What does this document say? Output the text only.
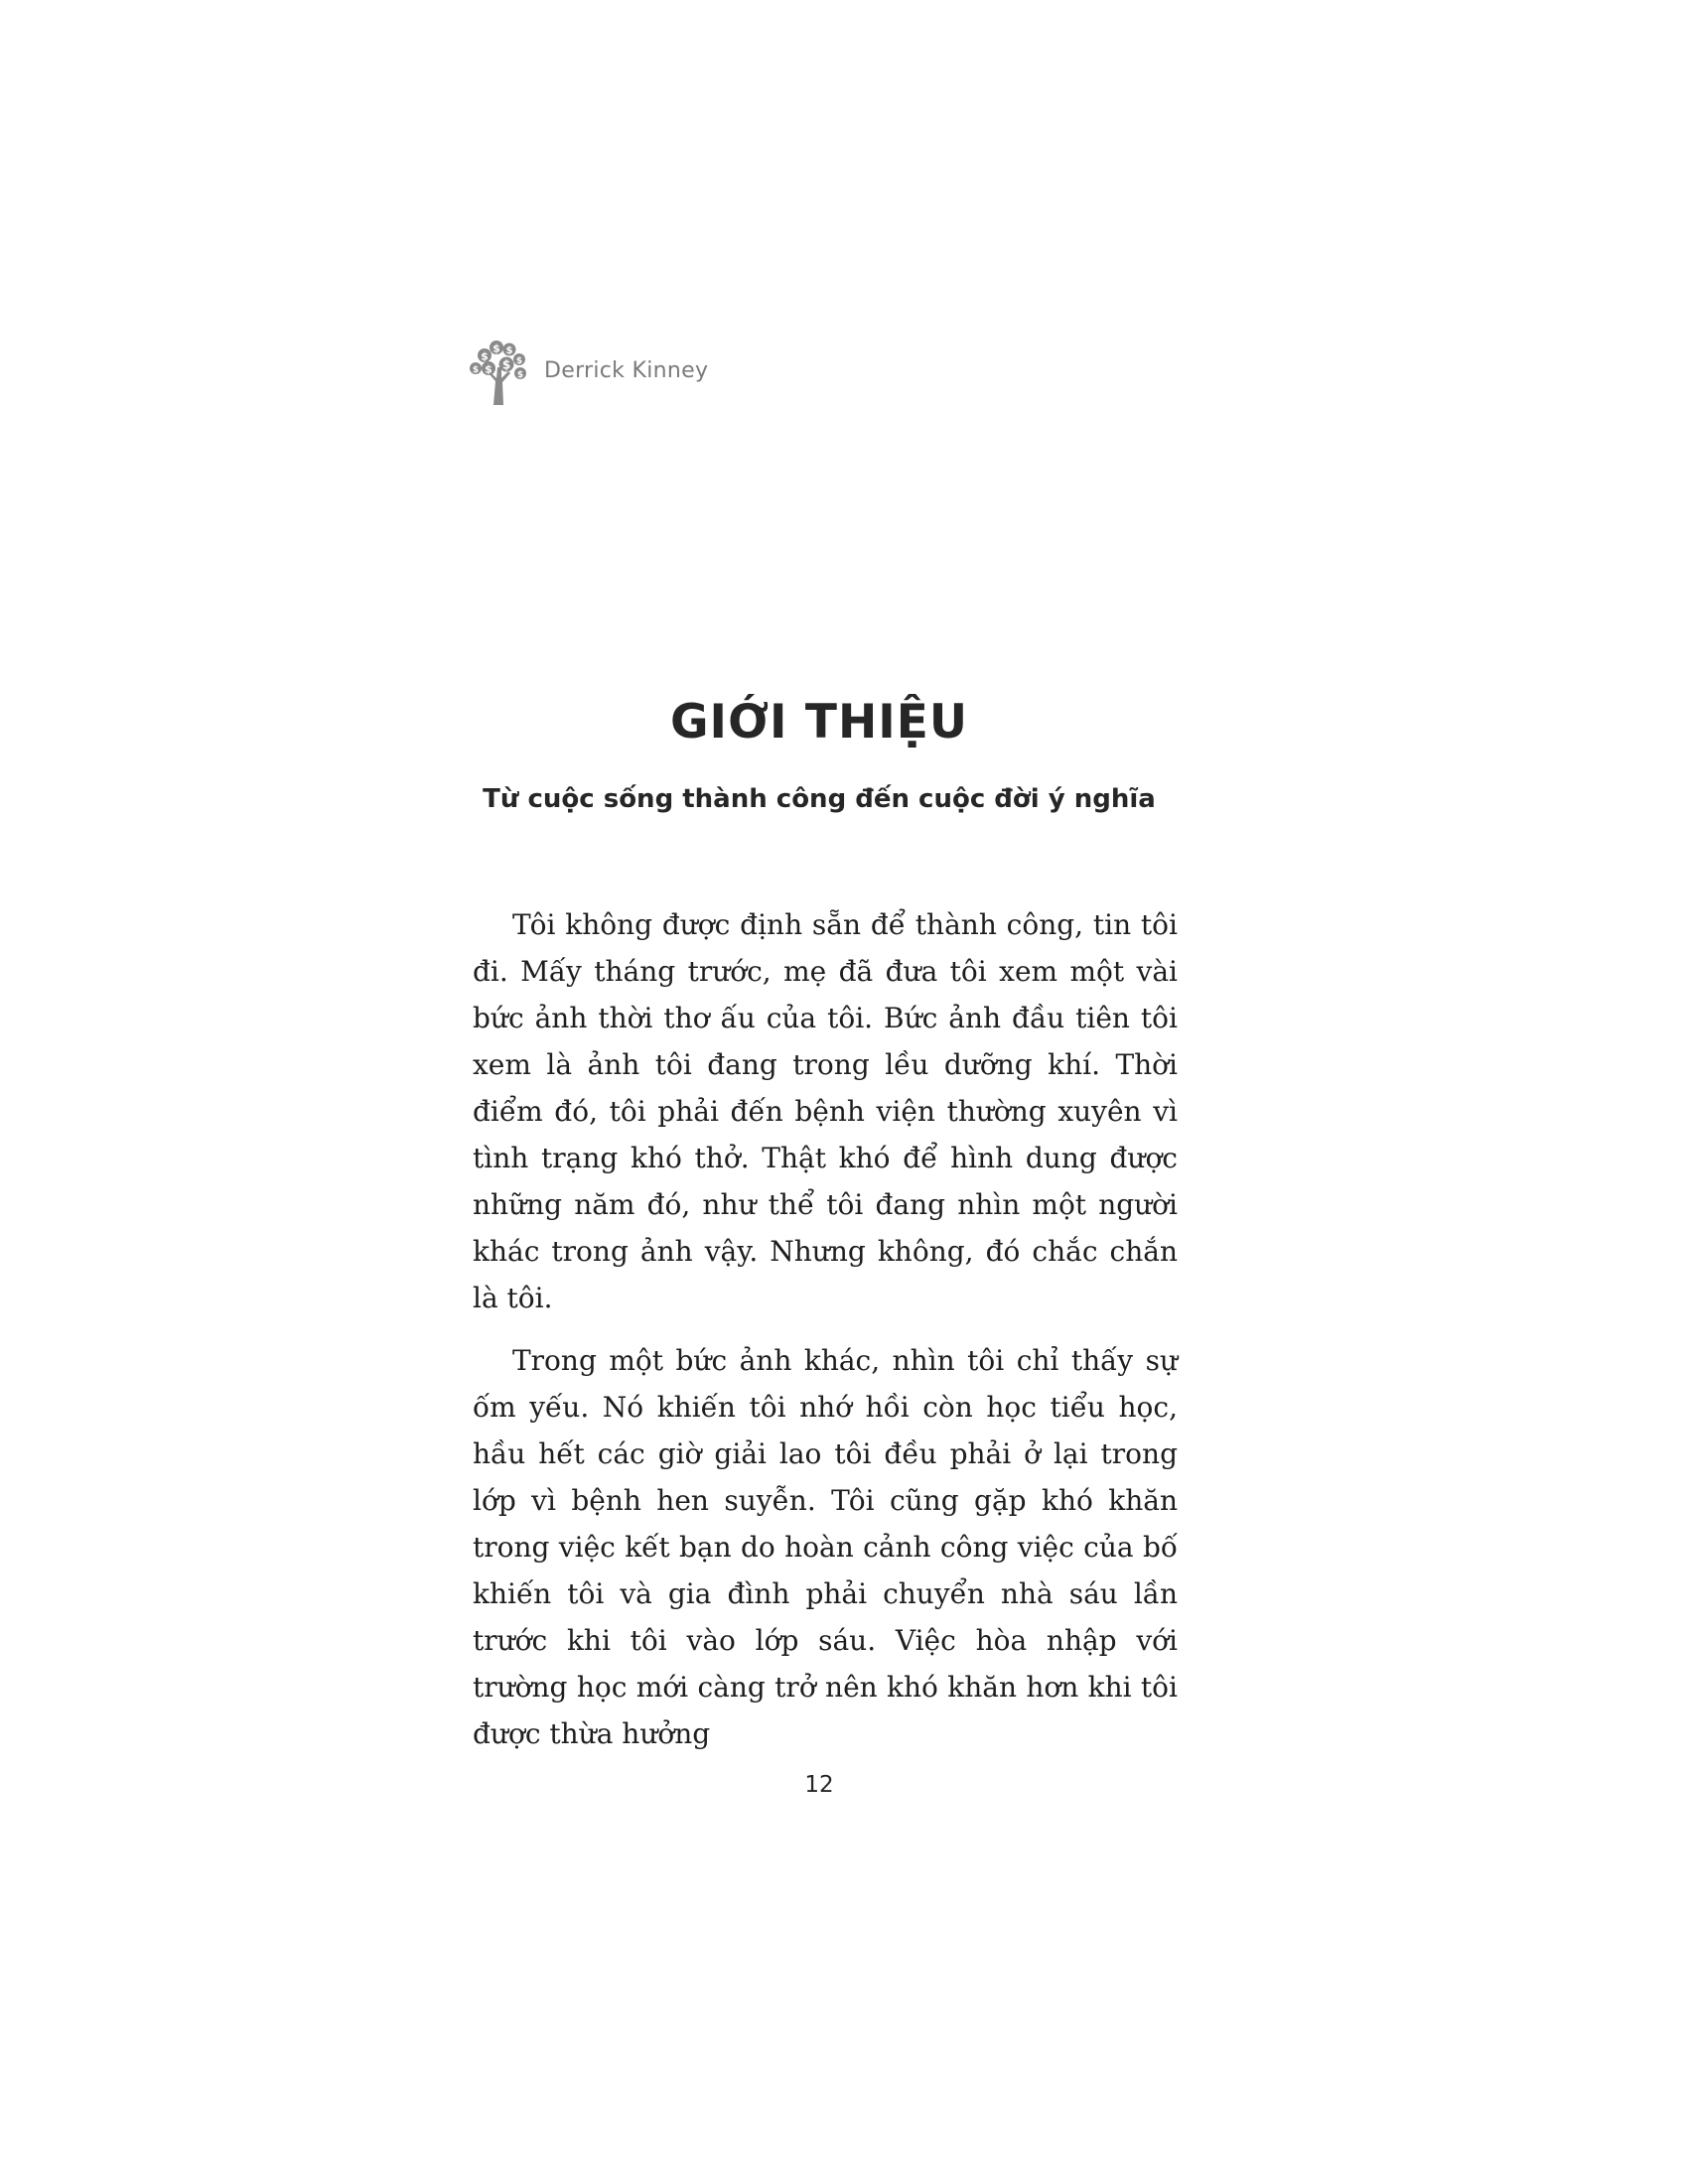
$
$ $
$
$ $ $
$ Derrick Kinney
GIỚI THIỆU
Từ cuộc sống thành công đến cuộc đời ý nghĩa

Tôi không được định sẵn để thành công, tin tôi đi. Mấy tháng trước, mẹ đã đưa tôi xem một vài bức ảnh thời thơ ấu của tôi. Bức ảnh đầu tiên tôi xem là ảnh tôi đang trong lều dưỡng khí. Thời điểm đó, tôi phải đến bệnh viện thường xuyên vì tình trạng khó thở. Thật khó để hình dung được những năm đó, như thể tôi đang nhìn một người khác trong ảnh vậy. Nhưng không, đó chắc chắn là tôi.

Trong một bức ảnh khác, nhìn tôi chỉ thấy sự ốm yếu. Nó khiến tôi nhớ hồi còn học tiểu học, hầu hết các giờ giải lao tôi đều phải ở lại trong lớp vì bệnh hen suyễn. Tôi cũng gặp khó khăn trong việc kết bạn do hoàn cảnh công việc của bố khiến tôi và gia đình phải chuyển nhà sáu lần trước khi tôi vào lớp sáu. Việc hòa nhập với trường học mới càng trở nên khó khăn hơn khi tôi được thừa hưởng

12
